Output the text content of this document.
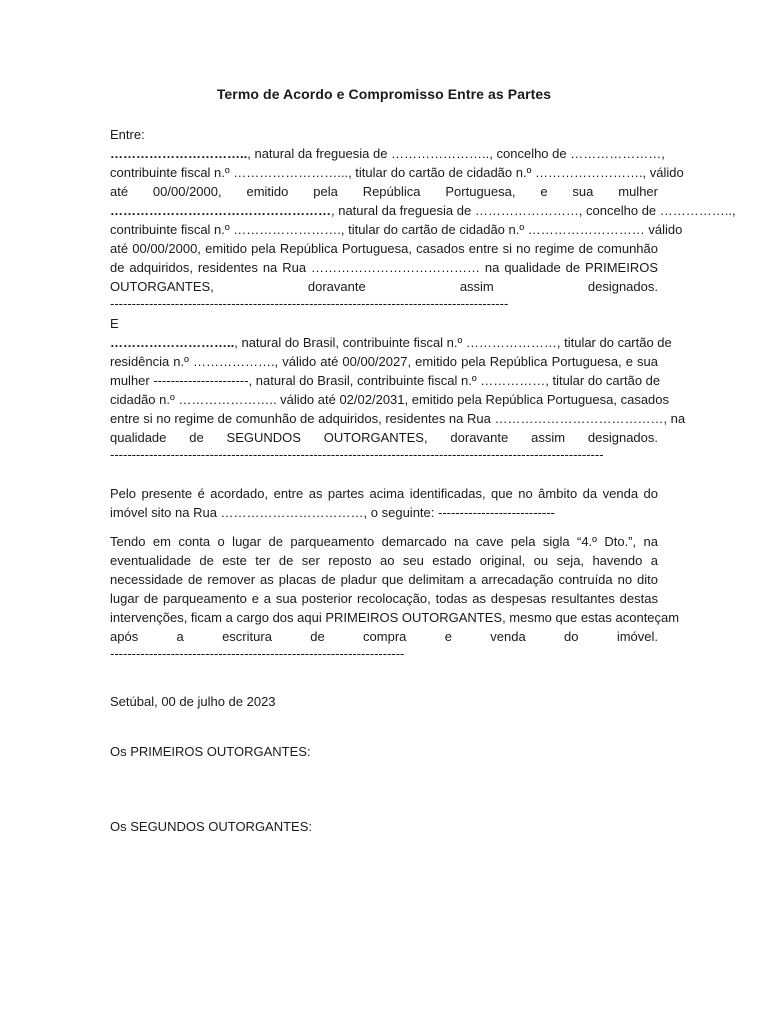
Termo de Acordo e Compromisso Entre as Partes
Entre:
………………………….., natural da freguesia de ………………….., concelho de …………………,
contribuinte fiscal n.º ……………………..., titular do cartão de cidadão n.º ……………………., válido
até 00/00/2000, emitido pela República Portuguesa, e sua mulher
……………………………………………, natural da freguesia de ……………………, concelho de ……………..,
contribuinte fiscal n.º ……………………., titular do cartão de cidadão n.º ……………………… válido
até 00/00/2000, emitido pela República Portuguesa, casados entre si no regime de comunhão
de adquiridos, residentes na Rua ………………………………… na qualidade de PRIMEIROS
OUTORGANTES, doravante assim designados.
--------------------------------------------------------------------------------------------
E
……………………….., natural do Brasil, contribuinte fiscal n.º …………………, titular do cartão de
residência n.º ………………., válido até 00/00/2027, emitido pela República Portuguesa, e sua
mulher ----------------------, natural do Brasil, contribuinte fiscal n.º ……………, titular do cartão de
cidadão n.º ………………….. válido até 02/02/2031, emitido pela República Portuguesa, casados
entre si no regime de comunhão de adquiridos, residentes na Rua …………………………………, na
qualidade de SEGUNDOS OUTORGANTES, doravante assim designados.
------------------------------------------------------------------------------------------------------------------
Pelo presente é acordado, entre as partes acima identificadas, que no âmbito da venda do
imóvel sito na Rua ……………………………, o seguinte: ---------------------------
Tendo em conta o lugar de parqueamento demarcado na cave pela sigla “4.º Dto.”, na
eventualidade de este ter de ser reposto ao seu estado original, ou seja, havendo a
necessidade de remover as placas de pladur que delimitam a arrecadação contruída no dito
lugar de parqueamento e a sua posterior recolocação, todas as despesas resultantes destas
intervenções, ficam a cargo dos aqui PRIMEIROS OUTORGANTES, mesmo que estas aconteçam
após a escritura de compra e venda do imóvel.
--------------------------------------------------------------------
Setúbal, 00 de julho de 2023
Os PRIMEIROS OUTORGANTES:
Os SEGUNDOS OUTORGANTES:
